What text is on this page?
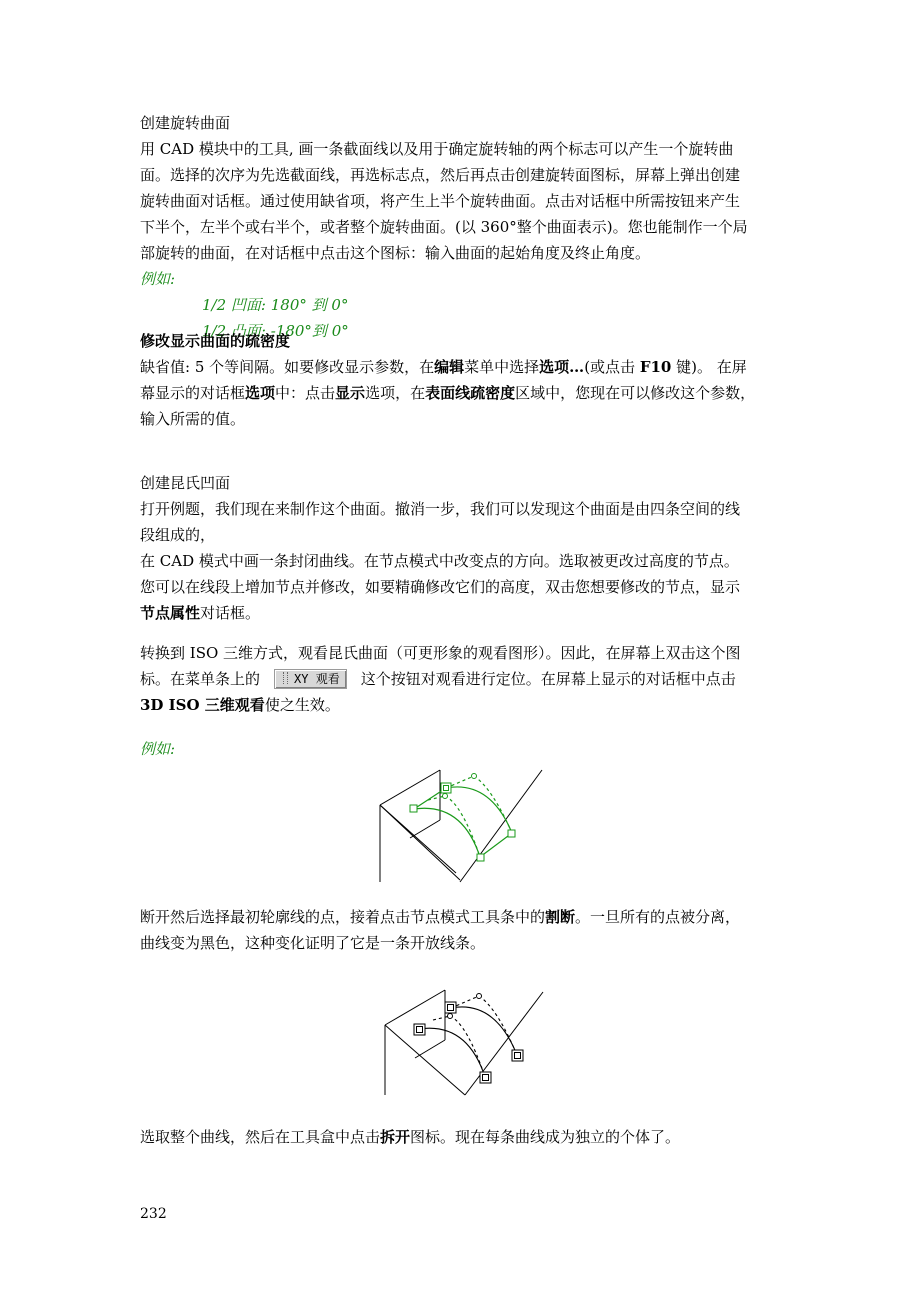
创建旋转曲面
用 CAD 模块中的工具, 画一条截面线以及用于确定旋转轴的两个标志可以产生一个旋转曲
面。选择的次序为先选截面线，再选标志点，然后再点击创建旋转面图标，屏幕上弹出创建
旋转曲面对话框。通过使用缺省项，将产生上半个旋转曲面。点击对话框中所需按钮来产生
下半个，左半个或右半个，或者整个旋转曲面。(以 360°整个曲面表示)。您也能制作一个局
部旋转的曲面，在对话框中点击这个图标：输入曲面的起始角度及终止角度。
例如:
1/2 凹面: 180° 到 0°
1/2 凸面: -180°到 0°
修改显示曲面的疏密度
缺省值: 5 个等间隔。如要修改显示参数，在编辑菜单中选择选项…(或点击 F10 键)。 在屏
幕显示的对话框选项中：点击显示选项，在表面线疏密度区域中，您现在可以修改这个参数，
输入所需的值。
创建昆氏凹面
打开例题，我们现在来制作这个曲面。撤消一步，我们可以发现这个曲面是由四条空间的线
段组成的，
在 CAD 模式中画一条封闭曲线。在节点模式中改变点的方向。选取被更改过高度的节点。
您可以在线段上增加节点并修改，如要精确修改它们的高度，双击您想要修改的节点，显示
节点属性对话框。
转换到 ISO 三维方式，观看昆氏曲面（可更形象的观看图形）。因此，在屏幕上双击这个图
标。在菜单条上的	XY 观看 这个按钮对观看进行定位。在屏幕上显示的对话框中点击
3D ISO 三维观看使之生效。
例如:
断开然后选择最初轮廓线的点，接着点击节点模式工具条中的割断。一旦所有的点被分离，
曲线变为黑色，这种变化证明了它是一条开放线条。
选取整个曲线，然后在工具盒中点击拆开图标。现在每条曲线成为独立的个体了。
232
